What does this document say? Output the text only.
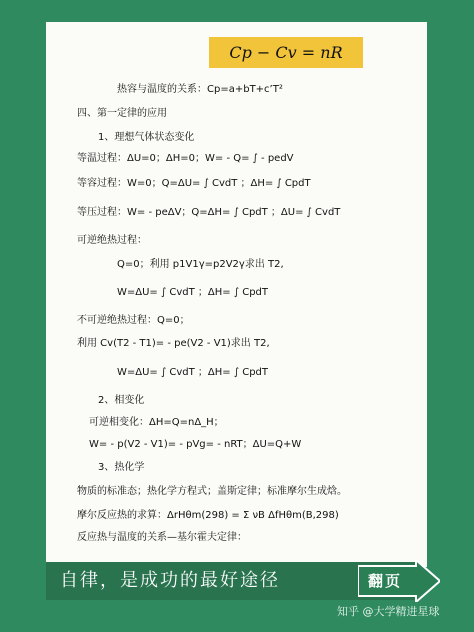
Cp − Cv = nR
热容与温度的关系：Cp=a+bT+c’T²
四、第一定律的应用
1、理想气体状态变化
等温过程：ΔU=0；ΔH=0；W= - Q= ∫ - pedV
等容过程：W=0；Q=ΔU= ∫ CvdT ；ΔH= ∫ CpdT
等压过程：W= - peΔV；Q=ΔH= ∫ CpdT ；ΔU= ∫ CvdT
可逆绝热过程：
Q=0；利用 p1V1γ=p2V2γ求出 T2,
W=ΔU= ∫ CvdT ；ΔH= ∫ CpdT
不可逆绝热过程：Q=0；
利用 Cv(T2 - T1)= - pe(V2 - V1)求出 T2,
W=ΔU= ∫ CvdT ；ΔH= ∫ CpdT
2、相变化
可逆相变化：ΔH=Q=nΔ_H；
W= - p(V2 - V1)= - pVg= - nRT；ΔU=Q+W
3、热化学
物质的标准态；热化学方程式；盖斯定律；标准摩尔生成焓。
摩尔反应热的求算：ΔrHθm(298) = Σ νB ΔfHθm(B,298)
反应热与温度的关系—基尔霍夫定律：
自律，是成功的最好途径	翻页
知乎 @大学精进星球
